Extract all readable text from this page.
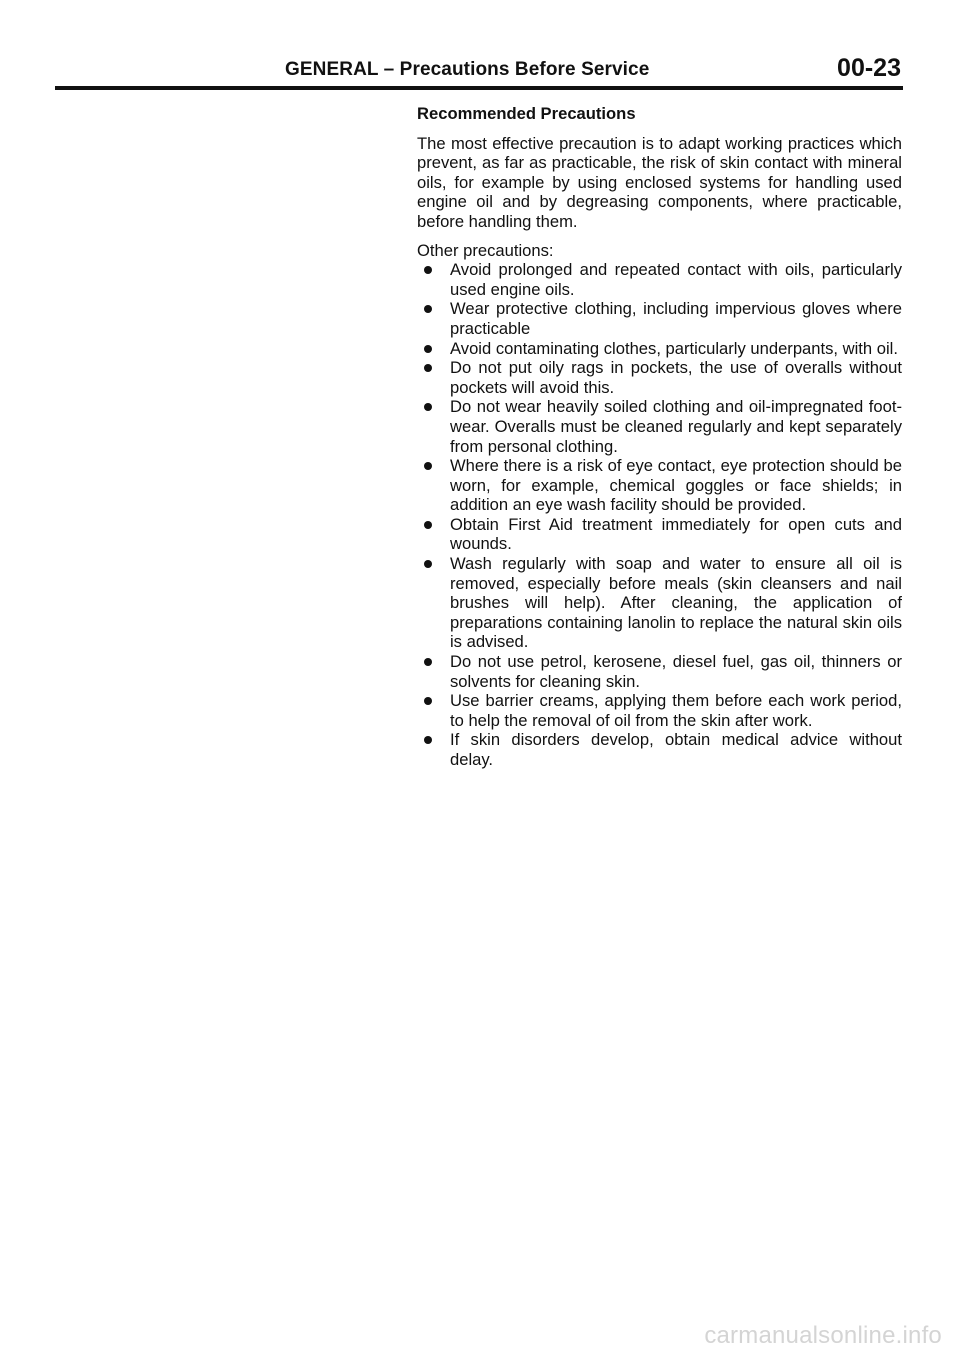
GENERAL – Precautions Before Service	00-23

Recommended Precautions

The most effective precaution is to adapt working practices which prevent, as far as practicable, the risk of skin contact with mineral oils, for example by using enclosed systems for handling used engine oil and by degreasing components, where practicable, before handling them.

Other precautions:

Avoid prolonged and repeated contact with oils, particularly used engine oils.
Wear protective clothing, including impervious gloves where practicable
Avoid contaminating clothes, particularly underpants, with oil.
Do not put oily rags in pockets, the use of overalls without pockets will avoid this.
Do not wear heavily soiled clothing and oil-impregnated foot-wear. Overalls must be cleaned regularly and kept separately from personal clothing.
Where there is a risk of eye contact, eye protection should be worn, for example, chemical goggles or face shields; in addition an eye wash facility should be provided.
Obtain First Aid treatment immediately for open cuts and wounds.
Wash regularly with soap and water to ensure all oil is removed, especially before meals (skin cleansers and nail brushes will help). After cleaning, the application of preparations containing lanolin to replace the natural skin oils is advised.
Do not use petrol, kerosene, diesel fuel, gas oil, thinners or solvents for cleaning skin.
Use barrier creams, applying them before each work period, to help the removal of oil from the skin after work.
If skin disorders develop, obtain medical advice without delay.
carmanualsonline.info
